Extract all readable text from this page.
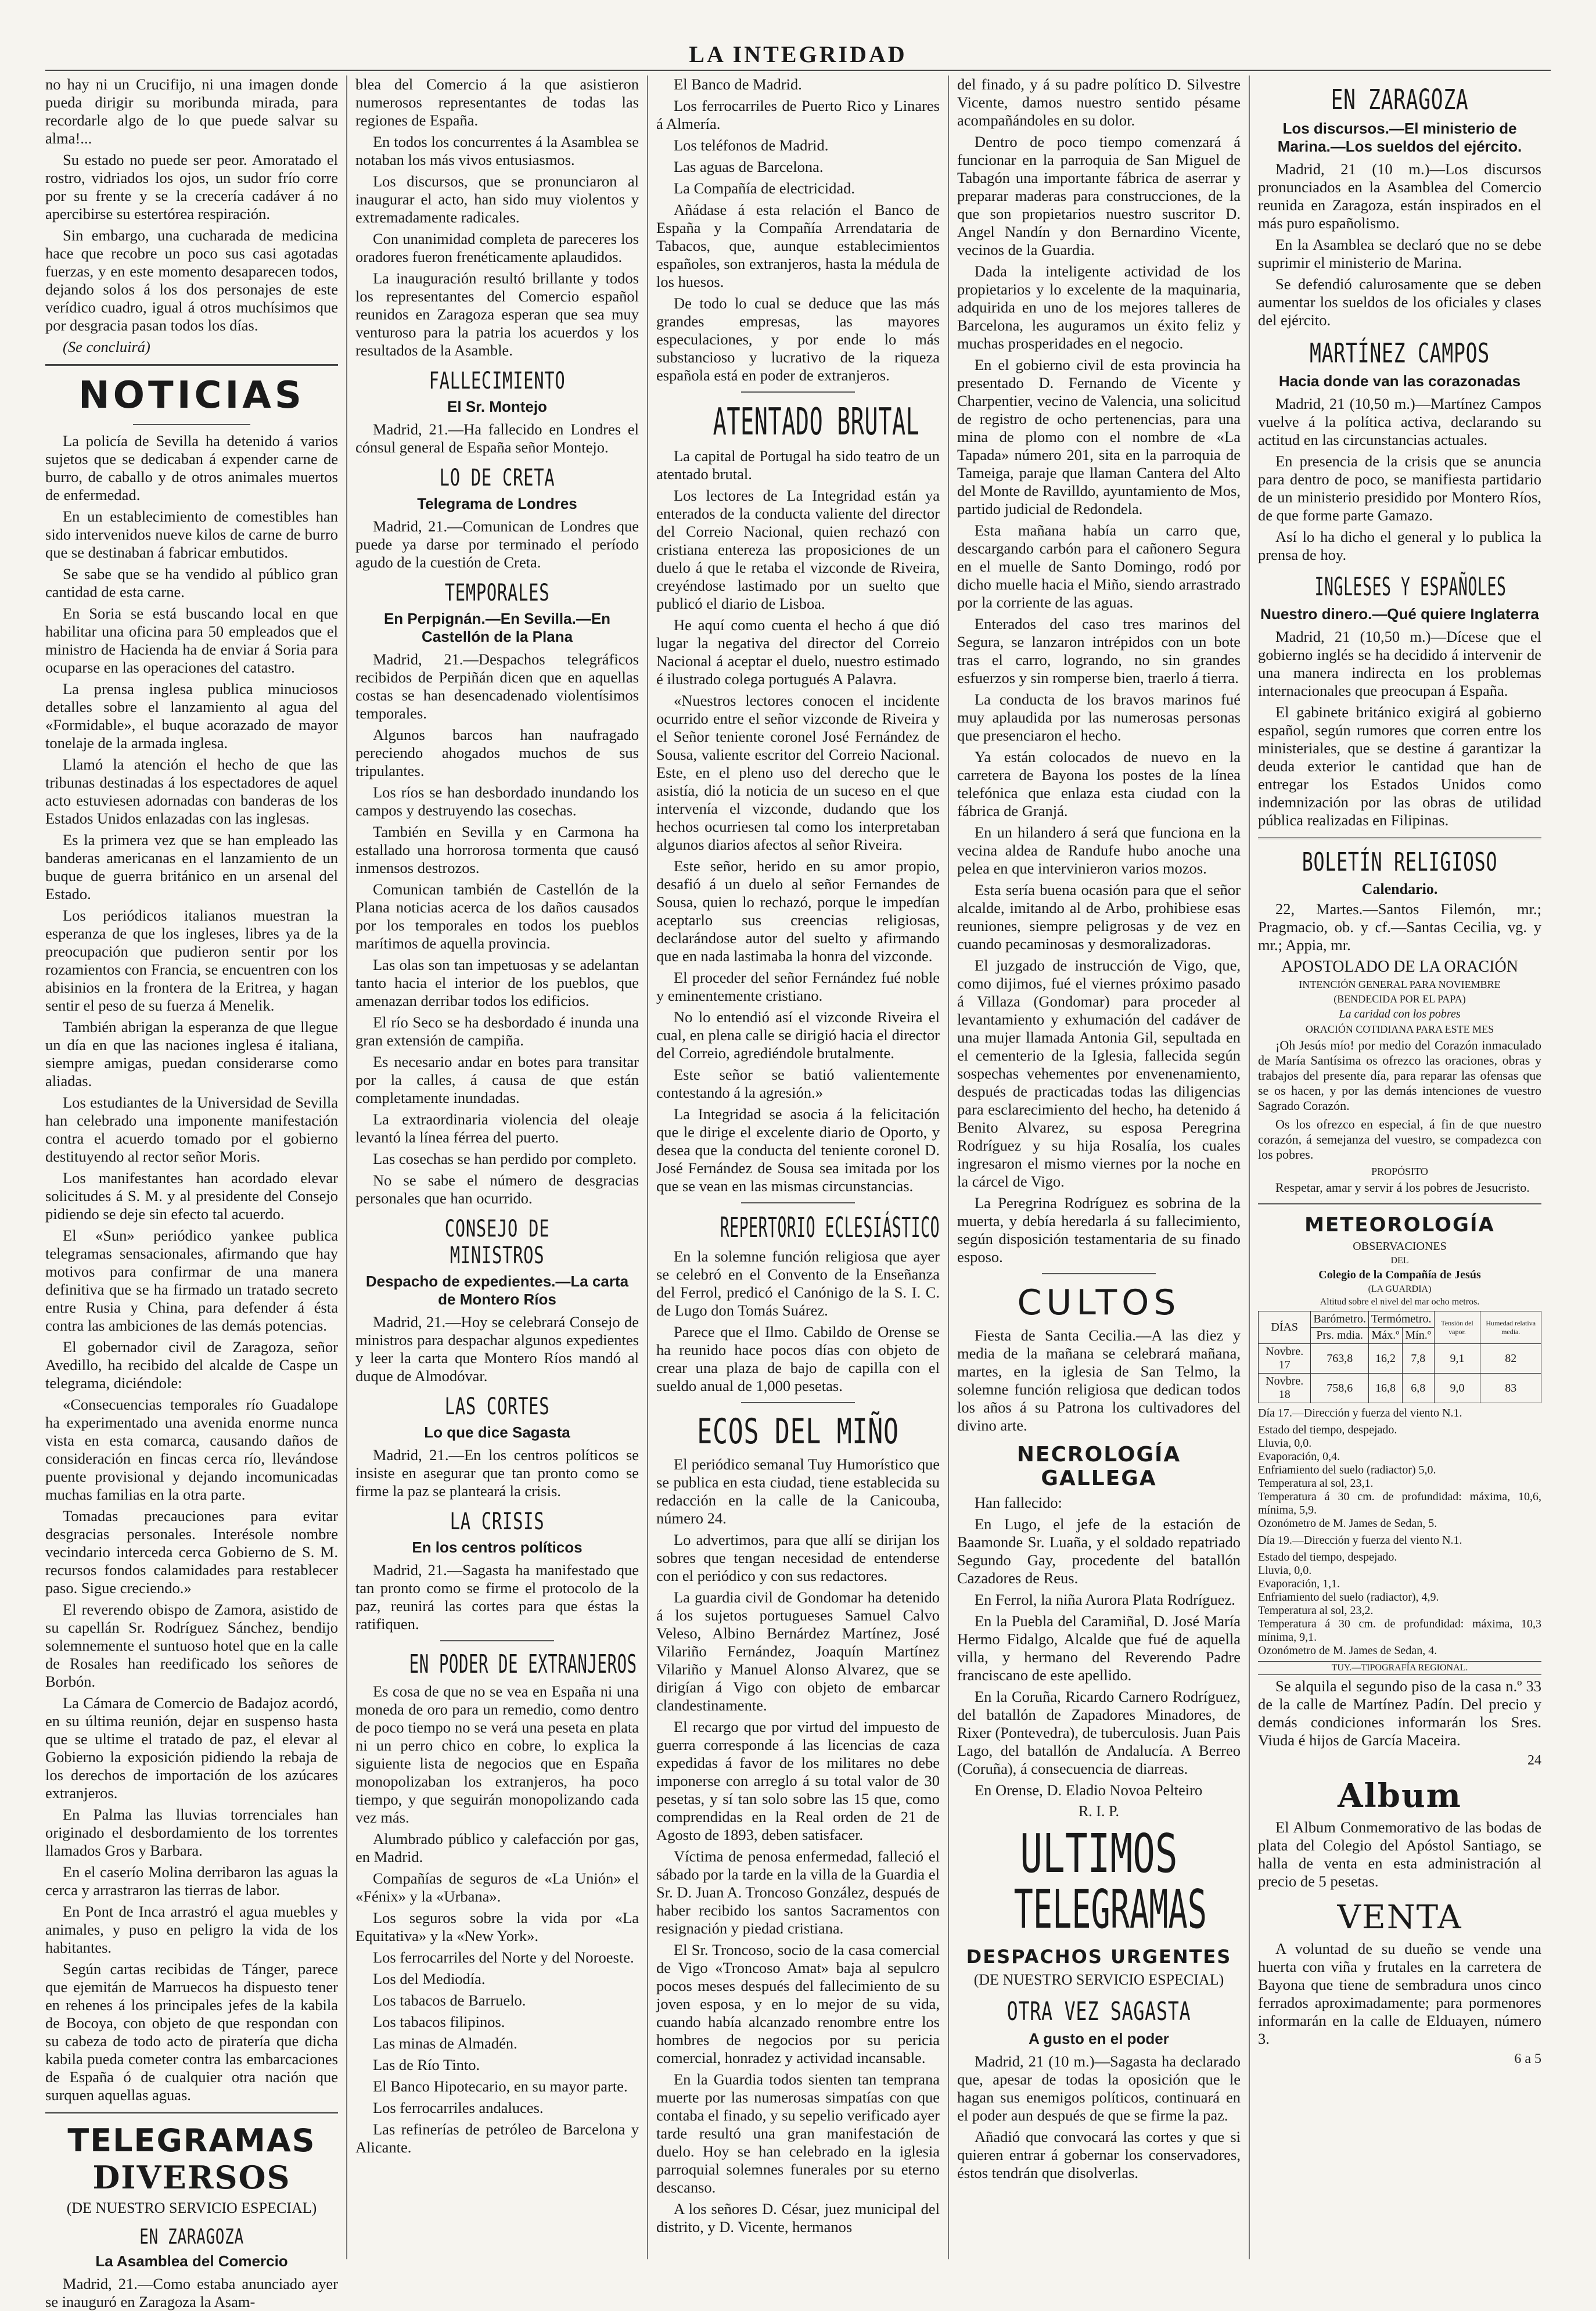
LA INTEGRIDAD

no hay ni un Crucifijo, ni una imagen donde pueda dirigir su moribunda mirada, para recordarle algo de lo que puede salvar su alma!...

Su estado no puede ser peor. Amoratado el rostro, vidriados los ojos, un sudor frío corre por su frente y se la crecería cadáver á no apercibirse su estertórea respiración.

Sin embargo, una cucharada de medicina hace que recobre un poco sus casi agotadas fuerzas, y en este momento desaparecen todos, dejando solos á los dos personajes de este verídico cuadro, igual á otros muchísimos que por desgracia pasan todos los días.

(Se concluirá)

NOTICIAS

La policía de Sevilla ha detenido á varios sujetos que se dedicaban á expender carne de burro, de caballo y de otros animales muertos de enfermedad.

En un establecimiento de comestibles han sido intervenidos nueve kilos de carne de burro que se destinaban á fabricar embutidos.

Se sabe que se ha vendido al público gran cantidad de esta carne.

En Soria se está buscando local en que habilitar una oficina para 50 empleados que el ministro de Hacienda ha de enviar á Soria para ocuparse en las operaciones del catastro.

La prensa inglesa publica minuciosos detalles sobre el lanzamiento al agua del «Formidable», el buque acorazado de mayor tonelaje de la armada inglesa.

Llamó la atención el hecho de que las tribunas destinadas á los espectadores de aquel acto estuviesen adornadas con banderas de los Estados Unidos enlazadas con las inglesas.

Es la primera vez que se han empleado las banderas americanas en el lanzamiento de un buque de guerra británico en un arsenal del Estado.

Los periódicos italianos muestran la esperanza de que los ingleses, libres ya de la preocupación que pudieron sentir por los rozamientos con Francia, se encuentren con los abisinios en la frontera de la Eritrea, y hagan sentir el peso de su fuerza á Menelik.

También abrigan la esperanza de que llegue un día en que las naciones inglesa é italiana, siempre amigas, puedan considerarse como aliadas.

Los estudiantes de la Universidad de Sevilla han celebrado una imponente manifestación contra el acuerdo tomado por el gobierno destituyendo al rector señor Moris.

Los manifestantes han acordado elevar solicitudes á S. M. y al presidente del Consejo pidiendo se deje sin efecto tal acuerdo.

El «Sun» periódico yankee publica telegramas sensacionales, afirmando que hay motivos para confirmar de una manera definitiva que se ha firmado un tratado secreto entre Rusia y China, para defender á ésta contra las ambiciones de las demás potencias.

El gobernador civil de Zaragoza, señor Avedillo, ha recibido del alcalde de Caspe un telegrama, diciéndole:

«Consecuencias temporales río Guadalope ha experimentado una avenida enorme nunca vista en esta comarca, causando daños de consideración en fincas cerca río, llevándose puente provisional y dejando incomunicadas muchas familias en la otra parte.

Tomadas precauciones para evitar desgracias personales. Interésole nombre vecindario interceda cerca Gobierno de S. M. recursos fondos calamidades para restablecer paso. Sigue creciendo.»

El reverendo obispo de Zamora, asistido de su capellán Sr. Rodríguez Sánchez, bendijo solemnemente el suntuoso hotel que en la calle de Rosales han reedificado los señores de Borbón.

La Cámara de Comercio de Badajoz acordó, en su última reunión, dejar en suspenso hasta que se ultime el tratado de paz, el elevar al Gobierno la exposición pidiendo la rebaja de los derechos de importación de los azúcares extranjeros.

En Palma las lluvias torrenciales han originado el desbordamiento de los torrentes llamados Gros y Barbara.

En el caserío Molina derribaron las aguas la cerca y arrastraron las tierras de labor.

En Pont de Inca arrastró el agua muebles y animales, y puso en peligro la vida de los habitantes.

Según cartas recibidas de Tánger, parece que ejemitán de Marruecos ha dispuesto tener en rehenes á los principales jefes de la kabila de Bocoya, con objeto de que respondan con su cabeza de todo acto de piratería que dicha kabila pueda cometer contra las embarcaciones de España ó de cualquier otra nación que surquen aquellas aguas.

TELEGRAMAS
DIVERSOS
(DE NUESTRO SERVICIO ESPECIAL)
EN ZARAGOZA
La Asamblea del Comercio

Madrid, 21.—Como estaba anunciado ayer se inauguró en Zaragoza la Asam-

blea del Comercio á la que asistieron numerosos representantes de todas las regiones de España.

En todos los concurrentes á la Asamblea se notaban los más vivos entusiasmos.

Los discursos, que se pronunciaron al inaugurar el acto, han sido muy violentos y extremadamente radicales.

Con unanimidad completa de pareceres los oradores fueron frenéticamente aplaudidos.

La inauguración resultó brillante y todos los representantes del Comercio español reunidos en Zaragoza esperan que sea muy venturoso para la patria los acuerdos y los resultados de la Asamble.

FALLECIMIENTO
El Sr. Montejo

Madrid, 21.—Ha fallecido en Londres el cónsul general de España señor Montejo.

LO DE CRETA
Telegrama de Londres

Madrid, 21.—Comunican de Londres que puede ya darse por terminado el período agudo de la cuestión de Creta.

TEMPORALES
En Perpignán.—En Sevilla.—En Castellón de la Plana

Madrid, 21.—Despachos telegráficos recibidos de Perpiñán dicen que en aquellas costas se han desencadenado violentísimos temporales.

Algunos barcos han naufragado pereciendo ahogados muchos de sus tripulantes.

Los ríos se han desbordado inundando los campos y destruyendo las cosechas.

También en Sevilla y en Carmona ha estallado una horrorosa tormenta que causó inmensos destrozos.

Comunican también de Castellón de la Plana noticias acerca de los daños causados por los temporales en todos los pueblos marítimos de aquella provincia.

Las olas son tan impetuosas y se adelantan tanto hacia el interior de los pueblos, que amenazan derribar todos los edificios.

El río Seco se ha desbordado é inunda una gran extensión de campiña.

Es necesario andar en botes para transitar por la calles, á causa de que están completamente inundadas.

La extraordinaria violencia del oleaje levantó la línea férrea del puerto.

Las cosechas se han perdido por completo.

No se sabe el número de desgracias personales que han ocurrido.

CONSEJO DE MINISTROS
Despacho de expedientes.—La carta de Montero Ríos

Madrid, 21.—Hoy se celebrará Consejo de ministros para despachar algunos expedientes y leer la carta que Montero Ríos mandó al duque de Almodóvar.

LAS CORTES
Lo que dice Sagasta

Madrid, 21.—En los centros políticos se insiste en asegurar que tan pronto como se firme la paz se planteará la crisis.

LA CRISIS
En los centros políticos

Madrid, 21.—Sagasta ha manifestado que tan pronto como se firme el protocolo de la paz, reunirá las cortes para que éstas la ratifiquen.

EN PODER DE EXTRANJEROS

Es cosa de que no se vea en España ni una moneda de oro para un remedio, como dentro de poco tiempo no se verá una peseta en plata ni un perro chico en cobre, lo explica la siguiente lista de negocios que en España monopolizaban los extranjeros, ha poco tiempo, y que seguirán monopolizando cada vez más.

Alumbrado público y calefacción por gas, en Madrid.

Compañías de seguros de «La Unión» el «Fénix» y la «Urbana».

Los seguros sobre la vida por «La Equitativa» y la «New York».

Los ferrocarriles del Norte y del Noroeste.

Los del Mediodía.

Los tabacos de Barruelo.

Los tabacos filipinos.

Las minas de Almadén.

Las de Río Tinto.

El Banco Hipotecario, en su mayor parte.

Los ferrocarriles andaluces.

Las refinerías de petróleo de Barcelona y Alicante.

El Banco de Madrid.

Los ferrocarriles de Puerto Rico y Linares á Almería.

Los teléfonos de Madrid.

Las aguas de Barcelona.

La Compañía de electricidad.

Añádase á esta relación el Banco de España y la Compañía Arrendataria de Tabacos, que, aunque establecimientos españoles, son extranjeros, hasta la médula de los huesos.

De todo lo cual se deduce que las más grandes empresas, las mayores especulaciones, y por ende lo más substancioso y lucrativo de la riqueza española está en poder de extranjeros.

ATENTADO BRUTAL

La capital de Portugal ha sido teatro de un atentado brutal.

Los lectores de La Integridad están ya enterados de la conducta valiente del director del Correio Nacional, quien rechazó con cristiana entereza las proposiciones de un duelo á que le retaba el vizconde de Riveira, creyéndose lastimado por un suelto que publicó el diario de Lisboa.

He aquí como cuenta el hecho á que dió lugar la negativa del director del Correio Nacional á aceptar el duelo, nuestro estimado é ilustrado colega portugués A Palavra.

«Nuestros lectores conocen el incidente ocurrido entre el señor vizconde de Riveira y el Señor teniente coronel José Fernández de Sousa, valiente escritor del Correio Nacional. Este, en el pleno uso del derecho que le asistía, dió la noticia de un suceso en el que intervenía el vizconde, dudando que los hechos ocurriesen tal como los interpretaban algunos diarios afectos al señor Riveira.

Este señor, herido en su amor propio, desafió á un duelo al señor Fernandes de Sousa, quien lo rechazó, porque le impedían aceptarlo sus creencias religiosas, declarándose autor del suelto y afirmando que en nada lastimaba la honra del vizconde.

El proceder del señor Fernández fué noble y eminentemente cristiano.

No lo entendió así el vizconde Riveira el cual, en plena calle se dirigió hacia el director del Correio, agrediéndole brutalmente.

Este señor se batió valientemente contestando á la agresión.»

La Integridad se asocia á la felicitación que le dirige el excelente diario de Oporto, y desea que la conducta del teniente coronel D. José Fernández de Sousa sea imitada por los que se vean en las mismas circunstancias.

REPERTORIO ECLESIÁSTICO

En la solemne función religiosa que ayer se celebró en el Convento de la Enseñanza del Ferrol, predicó el Canónigo de la S. I. C. de Lugo don Tomás Suárez.

Parece que el Ilmo. Cabildo de Orense se ha reunido hace pocos días con objeto de crear una plaza de bajo de capilla con el sueldo anual de 1,000 pesetas.

ECOS DEL MIÑO

El periódico semanal Tuy Humorístico que se publica en esta ciudad, tiene establecida su redacción en la calle de la Canicouba, número 24.

Lo advertimos, para que allí se dirijan los sobres que tengan necesidad de entenderse con el periódico y con sus redactores.

La guardia civil de Gondomar ha detenido á los sujetos portugueses Samuel Calvo Veleso, Albino Bernárdez Martínez, José Vilariño Fernández, Joaquín Martínez Vilariño y Manuel Alonso Alvarez, que se dirigían á Vigo con objeto de embarcar clandestinamente.

El recargo que por virtud del impuesto de guerra corresponde á las licencias de caza expedidas á favor de los militares no debe imponerse con arreglo á su total valor de 30 pesetas, y sí tan solo sobre las 15 que, como comprendidas en la Real orden de 21 de Agosto de 1893, deben satisfacer.

Víctima de penosa enfermedad, falleció el sábado por la tarde en la villa de la Guardia el Sr. D. Juan A. Troncoso González, después de haber recibido los santos Sacramentos con resignación y piedad cristiana.

El Sr. Troncoso, socio de la casa comercial de Vigo «Troncoso Amat» baja al sepulcro pocos meses después del fallecimiento de su joven esposa, y en lo mejor de su vida, cuando había alcanzado renombre entre los hombres de negocios por su pericia comercial, honradez y actividad incansable.

En la Guardia todos sienten tan temprana muerte por las numerosas simpatías con que contaba el finado, y su sepelio verificado ayer tarde resultó una gran manifestación de duelo. Hoy se han celebrado en la iglesia parroquial solemnes funerales por su eterno descanso.

A los señores D. César, juez municipal del distrito, y D. Vicente, hermanos

del finado, y á su padre político D. Silvestre Vicente, damos nuestro sentido pésame acompañándoles en su dolor.

Dentro de poco tiempo comenzará á funcionar en la parroquia de San Miguel de Tabagón una importante fábrica de aserrar y preparar maderas para construcciones, de la que son propietarios nuestro suscritor D. Angel Nandín y don Bernardino Vicente, vecinos de la Guardia.

Dada la inteligente actividad de los propietarios y lo excelente de la maquinaria, adquirida en uno de los mejores talleres de Barcelona, les auguramos un éxito feliz y muchas prosperidades en el negocio.

En el gobierno civil de esta provincia ha presentado D. Fernando de Vicente y Charpentier, vecino de Valencia, una solicitud de registro de ocho pertenencias, para una mina de plomo con el nombre de «La Tapada» número 201, sita en la parroquia de Tameiga, paraje que llaman Cantera del Alto del Monte de Ravilldo, ayuntamiento de Mos, partido judicial de Redondela.

Esta mañana había un carro que, descargando carbón para el cañonero Segura en el muelle de Santo Domingo, rodó por dicho muelle hacia el Miño, siendo arrastrado por la corriente de las aguas.

Enterados del caso tres marinos del Segura, se lanzaron intrépidos con un bote tras el carro, logrando, no sin grandes esfuerzos y sin romperse bien, traerlo á tierra.

La conducta de los bravos marinos fué muy aplaudida por las numerosas personas que presenciaron el hecho.

Ya están colocados de nuevo en la carretera de Bayona los postes de la línea telefónica que enlaza esta ciudad con la fábrica de Granjá.

En un hilandero á será que funciona en la vecina aldea de Randufe hubo anoche una pelea en que intervinieron varios mozos.

Esta sería buena ocasión para que el señor alcalde, imitando al de Arbo, prohibiese esas reuniones, siempre peligrosas y de vez en cuando pecaminosas y desmoralizadoras.

El juzgado de instrucción de Vigo, que, como dijimos, fué el viernes próximo pasado á Villaza (Gondomar) para proceder al levantamiento y exhumación del cadáver de una mujer llamada Antonia Gil, sepultada en el cementerio de la Iglesia, fallecida según sospechas vehementes por envenenamiento, después de practicadas todas las diligencias para esclarecimiento del hecho, ha detenido á Benito Alvarez, su esposa Peregrina Rodríguez y su hija Rosalía, los cuales ingresaron el mismo viernes por la noche en la cárcel de Vigo.

La Peregrina Rodríguez es sobrina de la muerta, y debía heredarla á su fallecimiento, según disposición testamentaria de su finado esposo.

CULTOS

Fiesta de Santa Cecilia.—A las diez y media de la mañana se celebrará mañana, martes, en la iglesia de San Telmo, la solemne función religiosa que dedican todos los años á su Patrona los cultivadores del divino arte.

NECROLOGÍA GALLEGA

Han fallecido:

En Lugo, el jefe de la estación de Baamonde Sr. Luaña, y el soldado repatriado Segundo Gay, procedente del batallón Cazadores de Reus.

En Ferrol, la niña Aurora Plata Rodríguez.

En la Puebla del Caramiñal, D. José María Hermo Fidalgo, Alcalde que fué de aquella villa, y hermano del Reverendo Padre franciscano de este apellido.

En la Coruña, Ricardo Carnero Rodríguez, del batallón de Zapadores Minadores, de Rixer (Pontevedra), de tuberculosis. Juan Pais Lago, del batallón de Andalucía. A Berreo (Coruña), á consecuencia de diarreas.

En Orense, D. Eladio Novoa Pelteiro

R. I. P.
ULTIMOS
TELEGRAMAS
DESPACHOS URGENTES
(DE NUESTRO SERVICIO ESPECIAL)
OTRA VEZ SAGASTA
A gusto en el poder

Madrid, 21 (10 m.)—Sagasta ha declarado que, apesar de todas la oposición que le hagan sus enemigos políticos, continuará en el poder aun después de que se firme la paz.

Añadió que convocará las cortes y que si quieren entrar á gobernar los conservadores, éstos tendrán que disolverlas.

EN ZARAGOZA
Los discursos.—El ministerio de Marina.—Los sueldos del ejército.

Madrid, 21 (10 m.)—Los discursos pronunciados en la Asamblea del Comercio reunida en Zaragoza, están inspirados en el más puro españolismo.

En la Asamblea se declaró que no se debe suprimir el ministerio de Marina.

Se defendió calurosamente que se deben aumentar los sueldos de los oficiales y clases del ejército.

MARTÍNEZ CAMPOS
Hacia donde van las corazonadas

Madrid, 21 (10,50 m.)—Martínez Campos vuelve á la política activa, declarando su actitud en las circunstancias actuales.

En presencia de la crisis que se anuncia para dentro de poco, se manifiesta partidario de un ministerio presidido por Montero Ríos, de que forme parte Gamazo.

Así lo ha dicho el general y lo publica la prensa de hoy.

INGLESES Y ESPAÑOLES
Nuestro dinero.—Qué quiere Inglaterra

Madrid, 21 (10,50 m.)—Dícese que el gobierno inglés se ha decidido á intervenir de una manera indirecta en los problemas internacionales que preocupan á España.

El gabinete británico exigirá al gobierno español, según rumores que corren entre los ministeriales, que se destine á garantizar la deuda exterior le cantidad que han de entregar los Estados Unidos como indemnización por las obras de utilidad pública realizadas en Filipinas.

BOLETÍN RELIGIOSO
Calendario.

22, Martes.—Santos Filemón, mr.; Pragmacio, ob. y cf.—Santas Cecilia, vg. y mr.; Appia, mr.

APOSTOLADO DE LA ORACIÓN
INTENCIÓN GENERAL PARA NOVIEMBRE
(BENDECIDA POR EL PAPA)
La caridad con los pobres
ORACIÓN COTIDIANA PARA ESTE MES

¡Oh Jesús mío! por medio del Corazón inmaculado de María Santísima os ofrezco las oraciones, obras y trabajos del presente día, para reparar las ofensas que se os hacen, y por las demás intenciones de vuestro Sagrado Corazón.

Os los ofrezco en especial, á fin de que nuestro corazón, á semejanza del vuestro, se compadezca con los pobres.

PROPÓSITO

Respetar, amar y servir á los pobres de Jesucristo.

METEOROLOGÍA
OBSERVACIONES
DEL
Colegio de la Compañía de Jesús
(LA GUARDIA)
Altitud sobre el nivel del mar ocho metros.
DÍAS	Barómetro.	Termómetro.		Tensión del vapor.	Humedad relativa media.
	Prs. mdia.	Máx.º	Mín.º		
Novbre. 17	763,8	16,2	7,8	9,1	82
Novbre. 18	758,6	16,8	6,8	9,0	83

Día 17.—Dirección y fuerza del viento N.1.

Estado del tiempo, despejado.

Lluvia, 0,0.

Evaporación, 0,4.

Enfriamiento del suelo (radiactor) 5,0.

Temperatura al sol, 23,1.

Temperatura á 30 cm. de profundidad: máxima, 10,6, mínima, 5,9.

Ozonómetro de M. James de Sedan, 5.

Día 19.—Dirección y fuerza del viento N.1.

Estado del tiempo, despejado.

Lluvia, 0,0.

Evaporación, 1,1.

Enfriamiento del suelo (radiactor), 4,9.

Temperatura al sol, 23,2.

Temperatura á 30 cm. de profundidad: máxima, 10,3 mínima, 9,1.

Ozonómetro de M. James de Sedan, 4.

TUY.—TIPOGRAFÍA REGIONAL.

Se alquila el segundo piso de la casa n.º 33 de la calle de Martínez Padín. Del precio y demás condiciones informarán los Sres. Viuda é hijos de García Maceira.

24
Album

El Album Conmemorativo de las bodas de plata del Colegio del Apóstol Santiago, se halla de venta en esta administración al precio de 5 pesetas.

VENTA

A voluntad de su dueño se vende una huerta con viña y frutales en la carretera de Bayona que tiene de sembradura unos cinco ferrados aproximadamente; para pormenores informarán en la calle de Elduayen, número 3.

6 a 5
